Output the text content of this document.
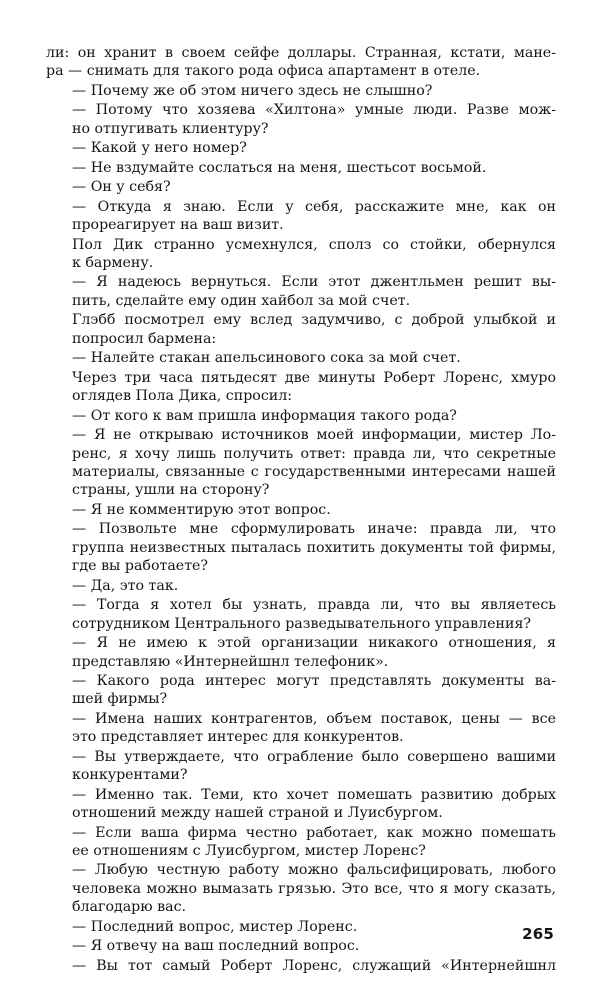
ли: он хранит в своем сейфе доллары. Странная, кстати, мане-
ра — снимать для такого рода офиса апартамент в отеле.

— Почему же об этом ничего здесь не слышно?

— Потому что хозяева «Хилтона» умные люди. Разве мож-
но отпугивать клиентуру?

— Какой у него номер?

— Не вздумайте сослаться на меня, шестьсот восьмой.

— Он у себя?

— Откуда я знаю. Если у себя, расскажите мне, как он
прореагирует на ваш визит.

Пол Дик странно усмехнулся, сполз со стойки, обернулся
к бармену.

— Я надеюсь вернуться. Если этот джентльмен решит вы-
пить, сделайте ему один хайбол за мой счет.

Глэбб посмотрел ему вслед задумчиво, с доброй улыбкой и
попросил бармена:

— Налейте стакан апельсинового сока за мой счет.

Через три часа пятьдесят две минуты Роберт Лоренс, хмуро
оглядев Пола Дика, спросил:

— От кого к вам пришла информация такого рода?

— Я не открываю источников моей информации, мистер Ло-
ренс, я хочу лишь получить ответ: правда ли, что секретные
материалы, связанные с государственными интересами нашей
страны, ушли на сторону?

— Я не комментирую этот вопрос.

— Позвольте мне сформулировать иначе: правда ли, что
группа неизвестных пыталась похитить документы той фирмы,
где вы работаете?

— Да, это так.

— Тогда я хотел бы узнать, правда ли, что вы являетесь
сотрудником Центрального разведывательного управления?

— Я не имею к этой организации никакого отношения, я
представляю «Интернейшнл телефоник».

— Какого рода интерес могут представлять документы ва-
шей фирмы?

— Имена наших контрагентов, объем поставок, цены — все
это представляет интерес для конкурентов.

— Вы утверждаете, что ограбление было совершено вашими
конкурентами?

— Именно так. Теми, кто хочет помешать развитию добрых
отношений между нашей страной и Луисбургом.

— Если ваша фирма честно работает, как можно помешать
ее отношениям с Луисбургом, мистер Лоренс?

— Любую честную работу можно фальсифицировать, любого
человека можно вымазать грязью. Это все, что я могу сказать,
благодарю вас.

— Последний вопрос, мистер Лоренс.

— Я отвечу на ваш последний вопрос.

— Вы тот самый Роберт Лоренс, служащий «Интернейшнл

265
